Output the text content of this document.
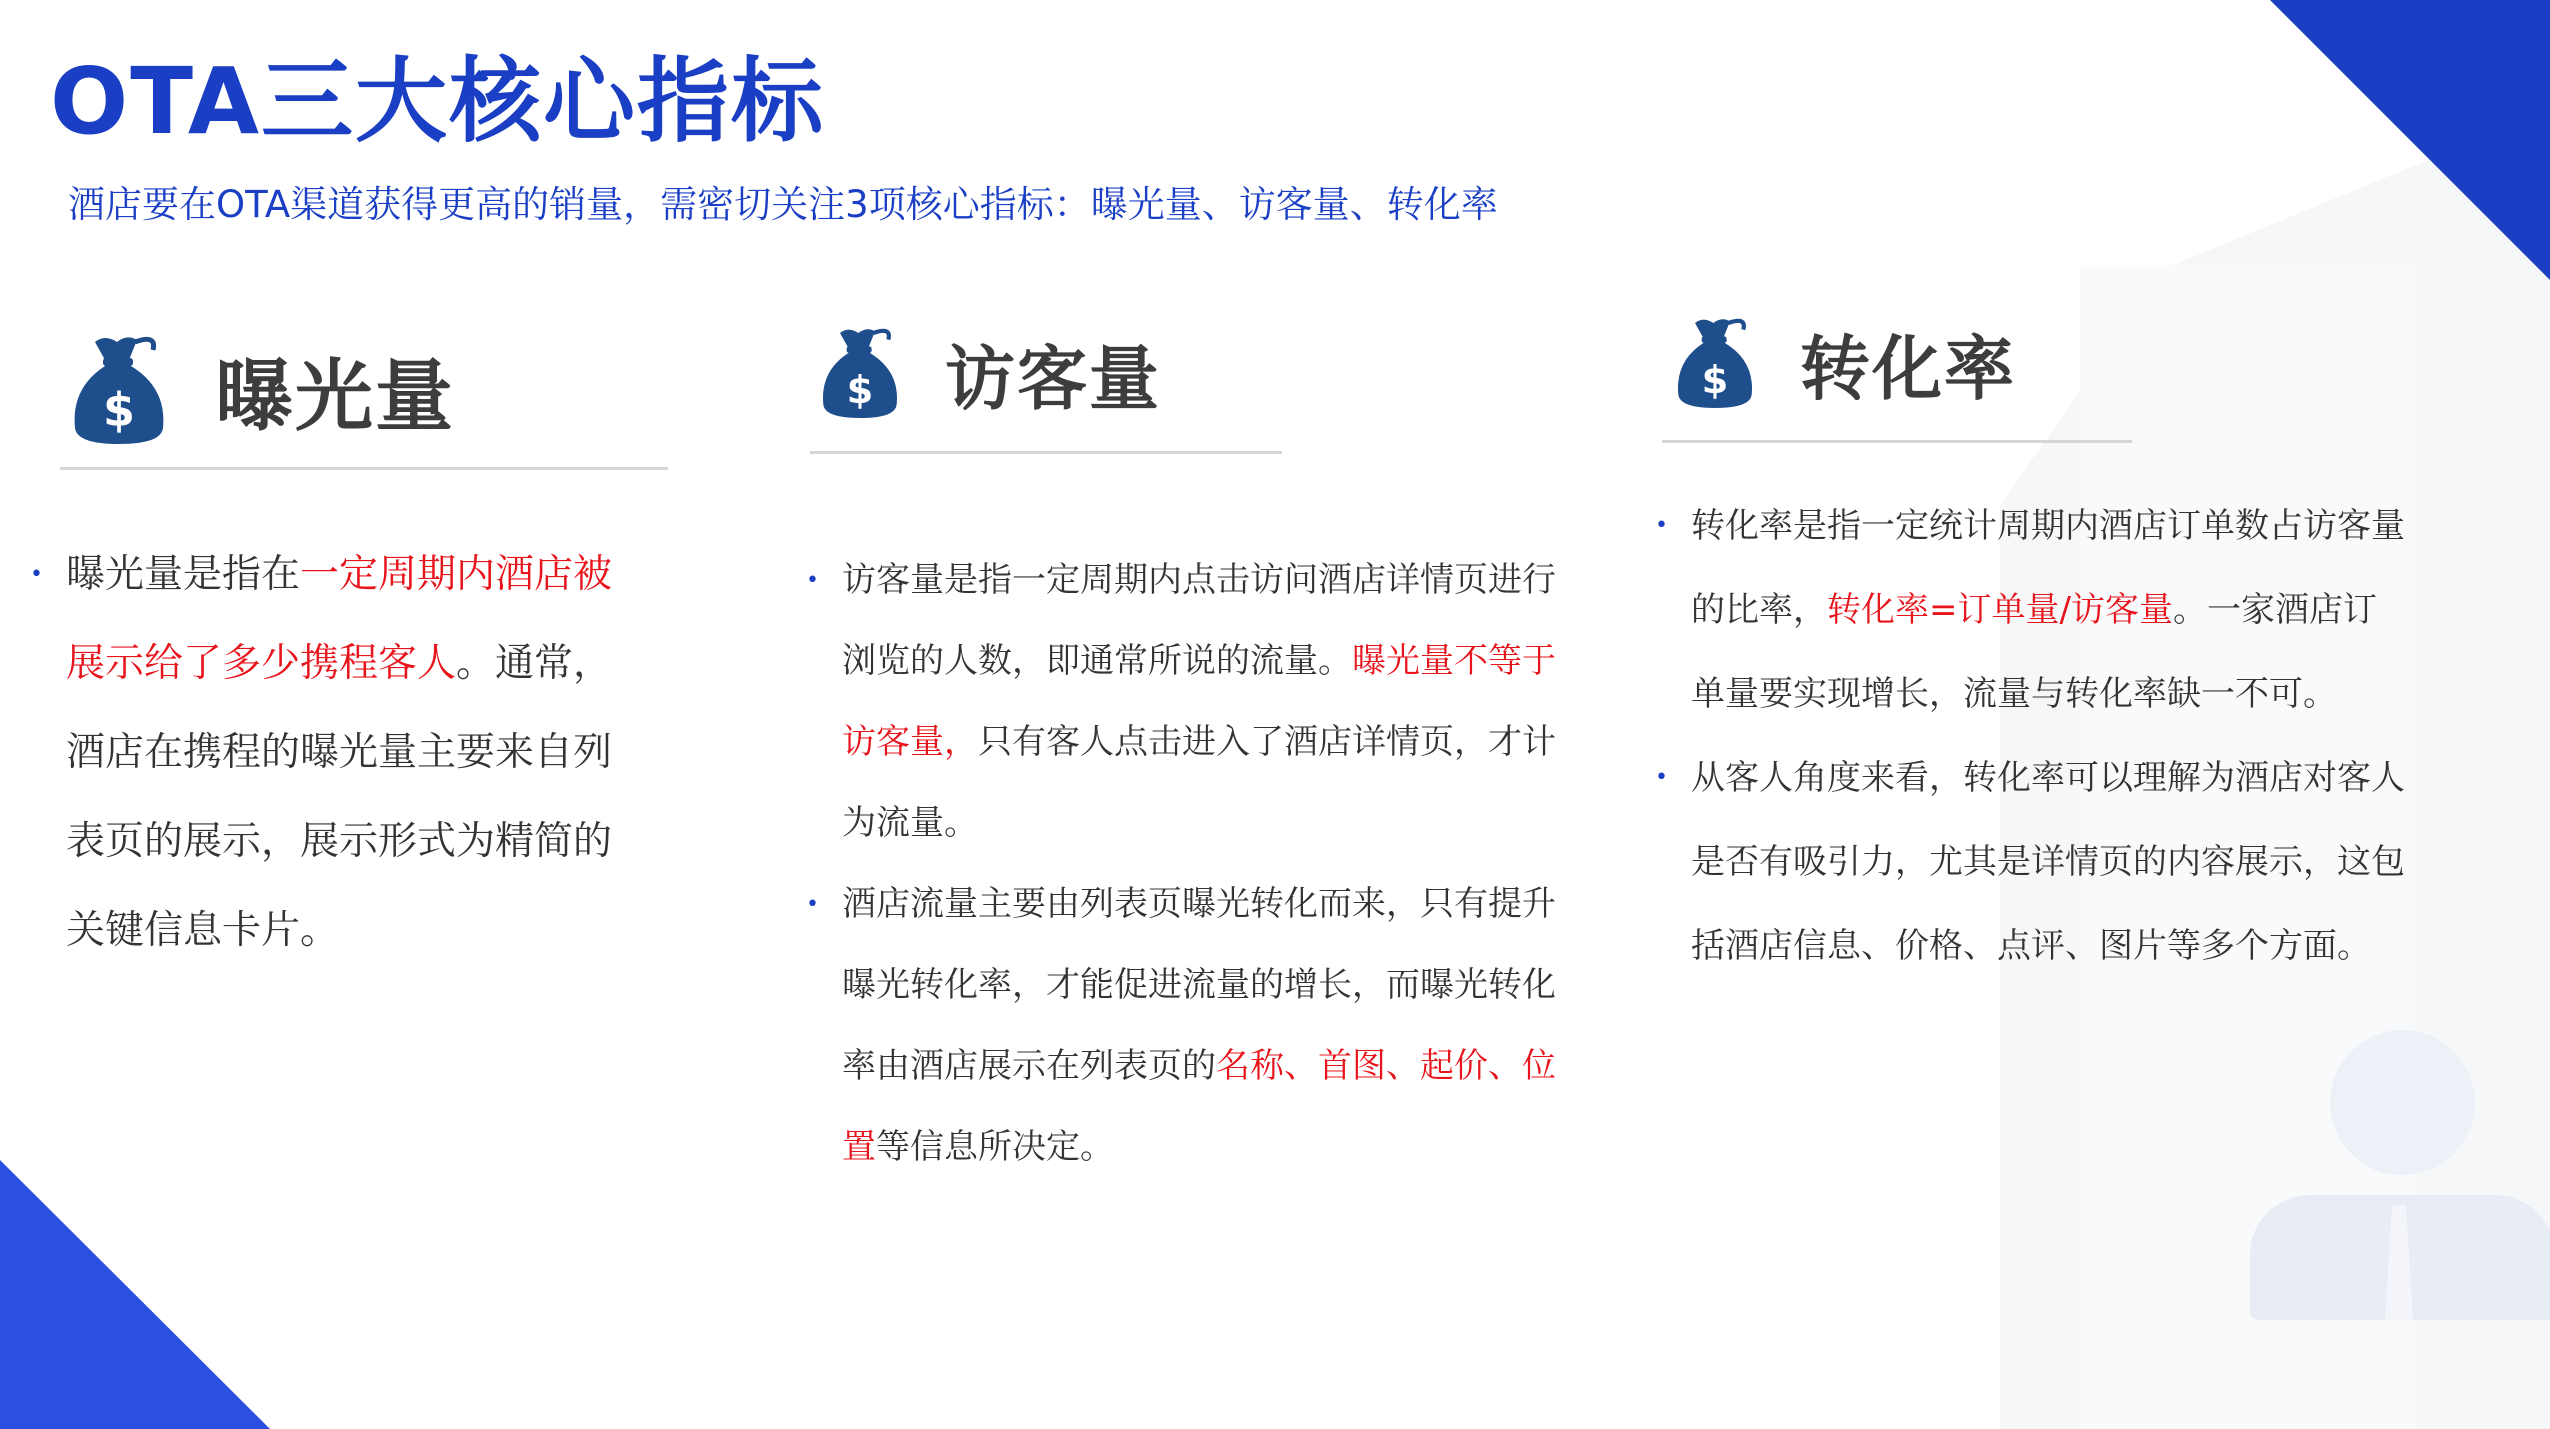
OTA三大核心指标
酒店要在OTA渠道获得更高的销量，需密切关注3项核心指标：曝光量、访客量、转化率
$ 曝光量
• 曝光量是指在一定周期内酒店被展示给了多少携程客人。通常，酒店在携程的曝光量主要来自列表页的展示，展示形式为精简的关键信息卡片。
$ 访客量
• 访客量是指一定周期内点击访问酒店详情页进行浏览的人数，即通常所说的流量。曝光量不等于访客量，只有客人点击进入了酒店详情页，才计为流量。
• 酒店流量主要由列表页曝光转化而来，只有提升曝光转化率，才能促进流量的增长，而曝光转化率由酒店展示在列表页的名称、首图、起价、位置等信息所决定。
$ 转化率
• 转化率是指一定统计周期内酒店订单数占访客量的比率，转化率=订单量/访客量。一家酒店订单量要实现增长，流量与转化率缺一不可。
• 从客人角度来看，转化率可以理解为酒店对客人是否有吸引力，尤其是详情页的内容展示，这包括酒店信息、价格、点评、图片等多个方面。
